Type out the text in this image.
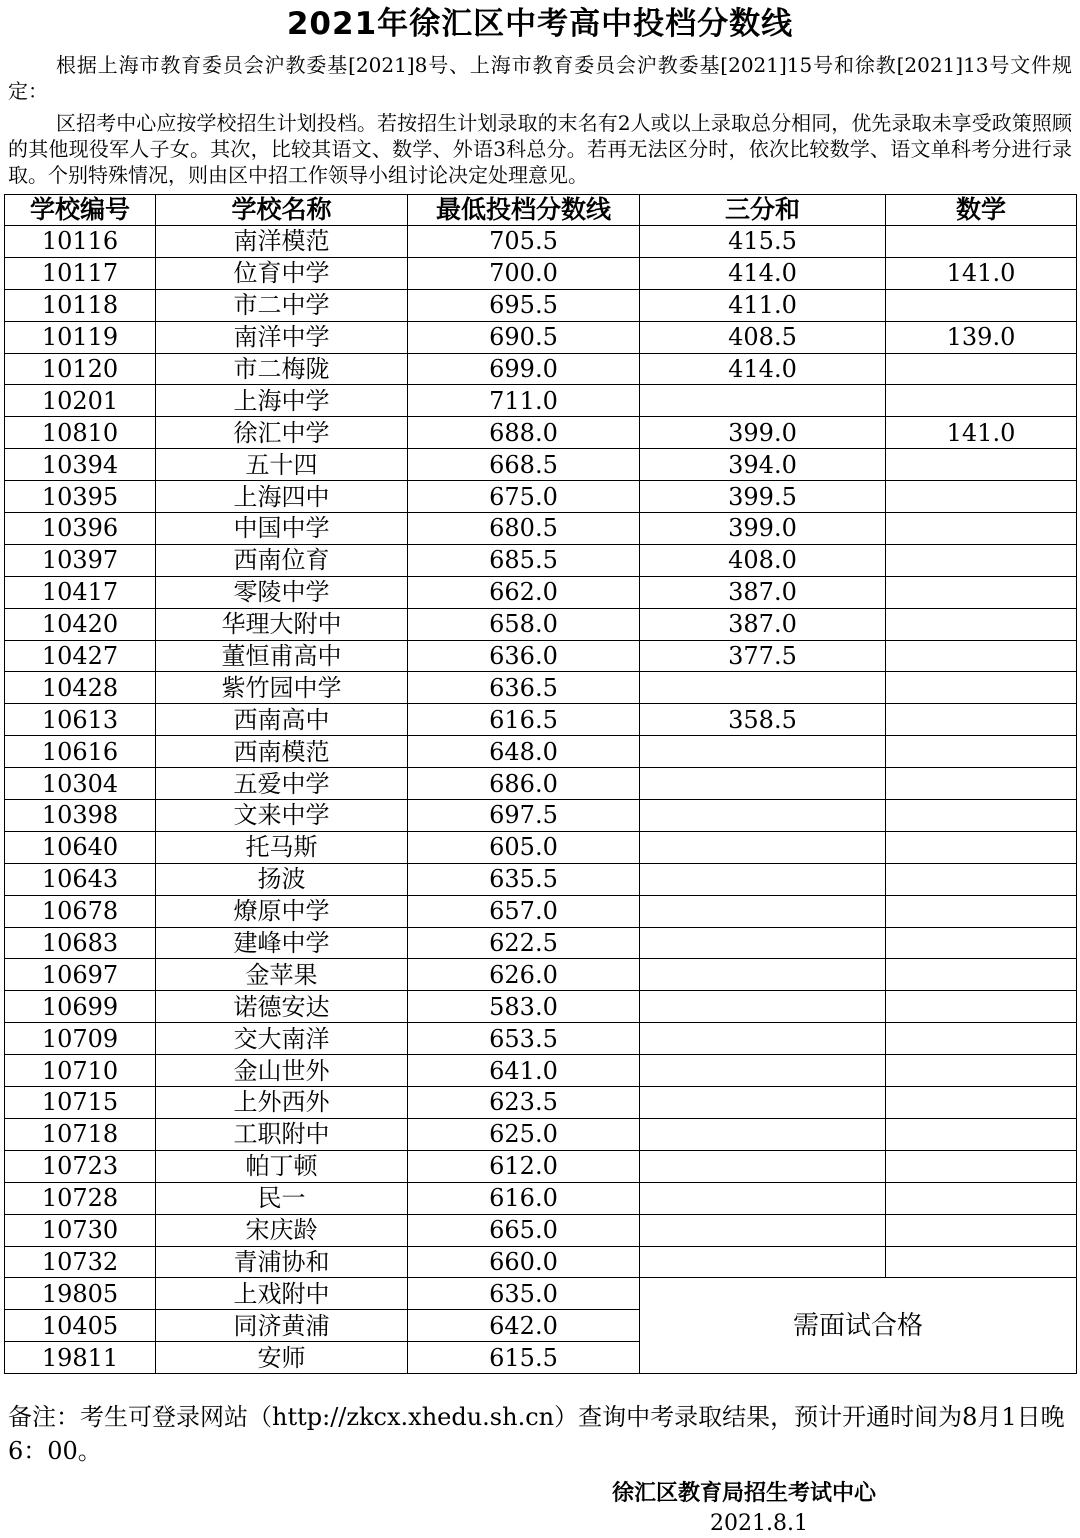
2021年徐汇区中考高中投档分数线
根据上海市教育委员会沪教委基[2021]8号、上海市教育委员会沪教委基[2021]15号和徐教[2021]13号文件规定：
区招考中心应按学校招生计划投档。若按招生计划录取的末名有2人或以上录取总分相同，优先录取未享受政策照顾的其他现役军人子女。其次，比较其语文、数学、外语3科总分。若再无法区分时，依次比较数学、语文单科考分进行录取。个别特殊情况，则由区中招工作领导小组讨论决定处理意见。
学校编号	学校名称	最低投档分数线	三分和	数学
10116	南洋模范	705.5	415.5	
10117	位育中学	700.0	414.0	141.0
10118	市二中学	695.5	411.0	
10119	南洋中学	690.5	408.5	139.0
10120	市二梅陇	699.0	414.0	
10201	上海中学	711.0		
10810	徐汇中学	688.0	399.0	141.0
10394	五十四	668.5	394.0	
10395	上海四中	675.0	399.5	
10396	中国中学	680.5	399.0	
10397	西南位育	685.5	408.0	
10417	零陵中学	662.0	387.0	
10420	华理大附中	658.0	387.0	
10427	董恒甫高中	636.0	377.5	
10428	紫竹园中学	636.5		
10613	西南高中	616.5	358.5	
10616	西南模范	648.0		
10304	五爱中学	686.0		
10398	文来中学	697.5		
10640	托马斯	605.0		
10643	扬波	635.5		
10678	燎原中学	657.0		
10683	建峰中学	622.5		
10697	金苹果	626.0		
10699	诺德安达	583.0		
10709	交大南洋	653.5		
10710	金山世外	641.0		
10715	上外西外	623.5		
10718	工职附中	625.0		
10723	帕丁顿	612.0		
10728	民一	616.0		
10730	宋庆龄	665.0		
10732	青浦协和	660.0		
19805	上戏附中	635.0	需面试合格	
10405	同济黄浦	642.0		
19811	安师	615.5		
备注：考生可登录网站（http://zkcx.xhedu.sh.cn）查询中考录取结果，预计开通时间为8月1日晚6：00。
徐汇区教育局招生考试中心
2021.8.1
